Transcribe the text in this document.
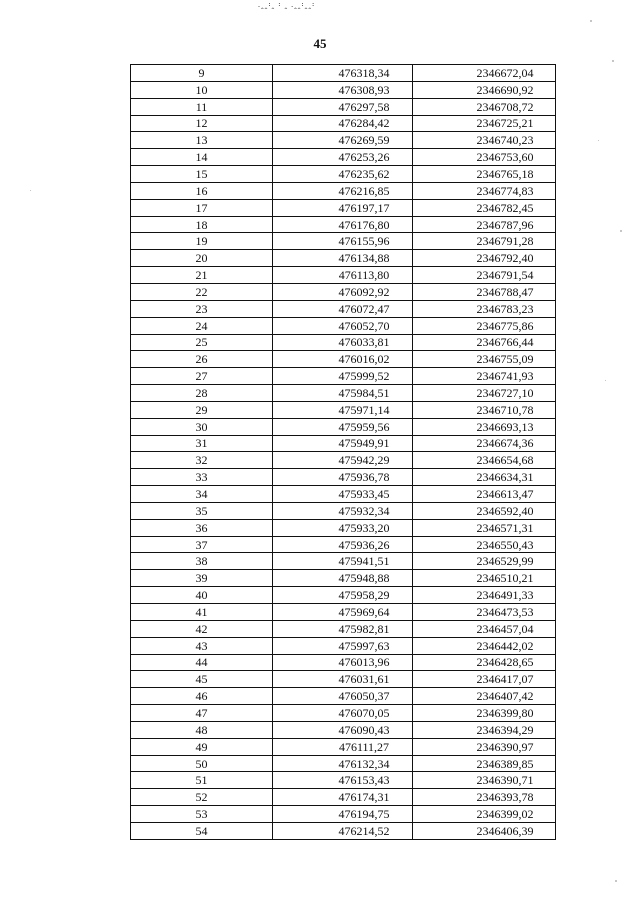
.ꞈꞈ꞉ꞈ ꞉ ꞈ .ꞈꞈ꞉ꞈꞈ꞉
45
9	476318,34	2346672,04
10	476308,93	2346690,92
11	476297,58	2346708,72
12	476284,42	2346725,21
13	476269,59	2346740,23
14	476253,26	2346753,60
15	476235,62	2346765,18
16	476216,85	2346774,83
17	476197,17	2346782,45
18	476176,80	2346787,96
19	476155,96	2346791,28
20	476134,88	2346792,40
21	476113,80	2346791,54
22	476092,92	2346788,47
23	476072,47	2346783,23
24	476052,70	2346775,86
25	476033,81	2346766,44
26	476016,02	2346755,09
27	475999,52	2346741,93
28	475984,51	2346727,10
29	475971,14	2346710,78
30	475959,56	2346693,13
31	475949,91	2346674,36
32	475942,29	2346654,68
33	475936,78	2346634,31
34	475933,45	2346613,47
35	475932,34	2346592,40
36	475933,20	2346571,31
37	475936,26	2346550,43
38	475941,51	2346529,99
39	475948,88	2346510,21
40	475958,29	2346491,33
41	475969,64	2346473,53
42	475982,81	2346457,04
43	475997,63	2346442,02
44	476013,96	2346428,65
45	476031,61	2346417,07
46	476050,37	2346407,42
47	476070,05	2346399,80
48	476090,43	2346394,29
49	476111,27	2346390,97
50	476132,34	2346389,85
51	476153,43	2346390,71
52	476174,31	2346393,78
53	476194,75	2346399,02
54	476214,52	2346406,39
